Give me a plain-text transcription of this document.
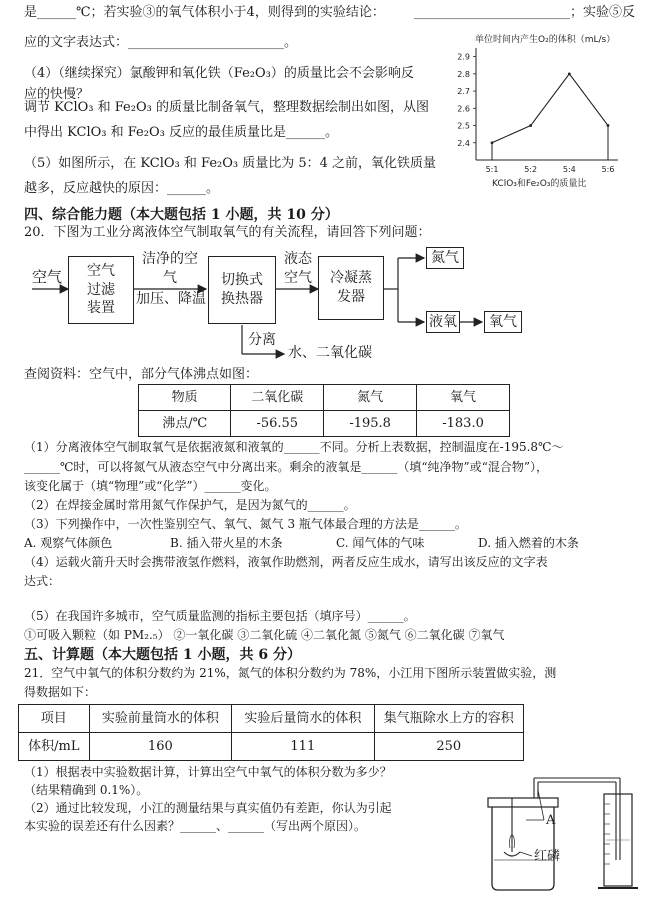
是______℃；若实验③的氧气体积小于4，则得到的实验结论： ________________________；实验⑤反
应的文字表达式：________________________。
（4）（继续探究）氯酸钾和氧化铁（Fe₂O₃）的质量比会不会影响反
应的快慢？
调节 KClO₃ 和 Fe₂O₃ 的质量比制备氧气，整理数据绘制出如图，从图
中得出 KClO₃ 和 Fe₂O₃ 反应的最佳质量比是______。
（5）如图所示，在 KClO₃ 和 Fe₂O₃ 质量比为 5：4 之前，氧化铁质量
越多，反应越快的原因：______。
单位时间内产生O₂的体积（mL/s）
2.9
2.8
2.7
2.6
2.5
2.4
5:1	5:2	5:4	5:6
KClO₃和Fe₂O₃的质量比
四、综合能力题（本大题包括 1 小题，共 10 分）
20．下图为工业分离液体空气制取氧气的有关流程，请回答下列问题：
空气	空气过滤装置
洁净的空气
加压、降温
切换式换热器
液态空气	冷凝蒸发器
氮气
液氧	氧气
分离
水、二氧化碳
查阅资料：空气中，部分气体沸点如图：
物质	二氧化碳	氮气	氧气
沸点/℃	-56.55	-195.8	-183.0
（1）分离液体空气制取氧气是依据液氮和液氧的______不同。分析上表数据，控制温度在-195.8℃～
______℃时，可以将氮气从液态空气中分离出来。剩余的液氧是______（填“纯净物”或“混合物”），
该变化属于（填“物理”或“化学”）______变化。
（2）在焊接金属时常用氮气作保护气，是因为氮气的______。
（3）下列操作中，一次性鉴别空气、氧气、氮气 3 瓶气体最合理的方法是______。
A. 观察气体颜色	B. 插入带火星的木条	C. 闻气体的气味	D. 插入燃着的木条
（4）运载火箭升天时会携带液氢作燃料，液氧作助燃剂，两者反应生成水，请写出该反应的文字表
达式：
（5）在我国许多城市，空气质量监测的指标主要包括（填序号）______。
①可吸入颗粒（如 PM₂.₅） ②一氧化碳 ③二氧化硫 ④二氧化氮 ⑤氮气 ⑥二氧化碳 ⑦氧气
五、计算题（本大题包括 1 小题，共 6 分）
21．空气中氧气的体积分数约为 21%，氮气的体积分数约为 78%，小江用下图所示装置做实验，测
得数据如下：
项目	实验前量筒水的体积	实验后量筒水的体积	集气瓶除水上方的容积
体积/mL	160	111	250
（1）根据表中实验数据计算，计算出空气中氧气的体积分数为多少？
（结果精确到 0.1%）。
（2）通过比较发现，小江的测量结果与真实值仍有差距，你认为引起
本实验的误差还有什么因素？______、______（写出两个原因）。	A
红磷
